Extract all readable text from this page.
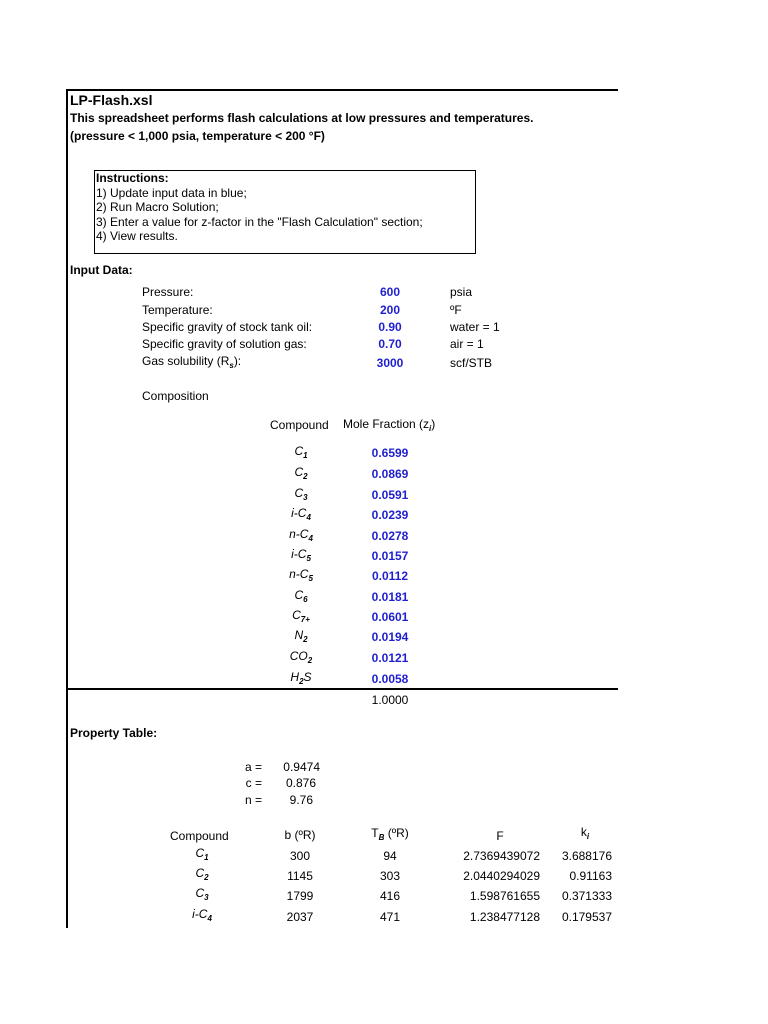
LP-Flash.xsl
This spreadsheet performs flash calculations at low pressures and temperatures.
(pressure < 1,000 psia, temperature < 200 °F)
Instructions:
1) Update input data in blue;
2) Run Macro Solution;
3) Enter a value for z-factor in the "Flash Calculation" section;
4) View results.
Input Data:
Pressure:	600	psia
Temperature:	200	ºF
Specific gravity of stock tank oil:	0.90	water = 1
Specific gravity of solution gas:	0.70	air = 1
Gas solubility $(R_s)$:	3000	scf/STB
Composition
Compound Mole Fraction $(z_i)$
$C_1$	0.6599
$C_2$	0.0869
$C_3$	0.0591
$i-C_4$	0.0239
$n-C_4$	0.0278
$i-C_5$	0.0157
$n-C_5$	0.0112
$C_6$	0.0181
$C_{7+}$	0.0601
$N_2$	0.0194
$CO_2$	0.0121
$H_2S$	0.0058
1.0000
Property Table:
a =	0.9474
c =	0.876
n =	9.76
Compound	b (ºR)	$T_B$ (ºR)	F	$k_i$
$C_1$	300	94	2.7369439072	3.688176
$C_2$	1145	303	2.0440294029	0.91163
$C_3$	1799	416	1.598761655	0.371333
$i-C_4$	2037	471	1.238477128	0.179537
